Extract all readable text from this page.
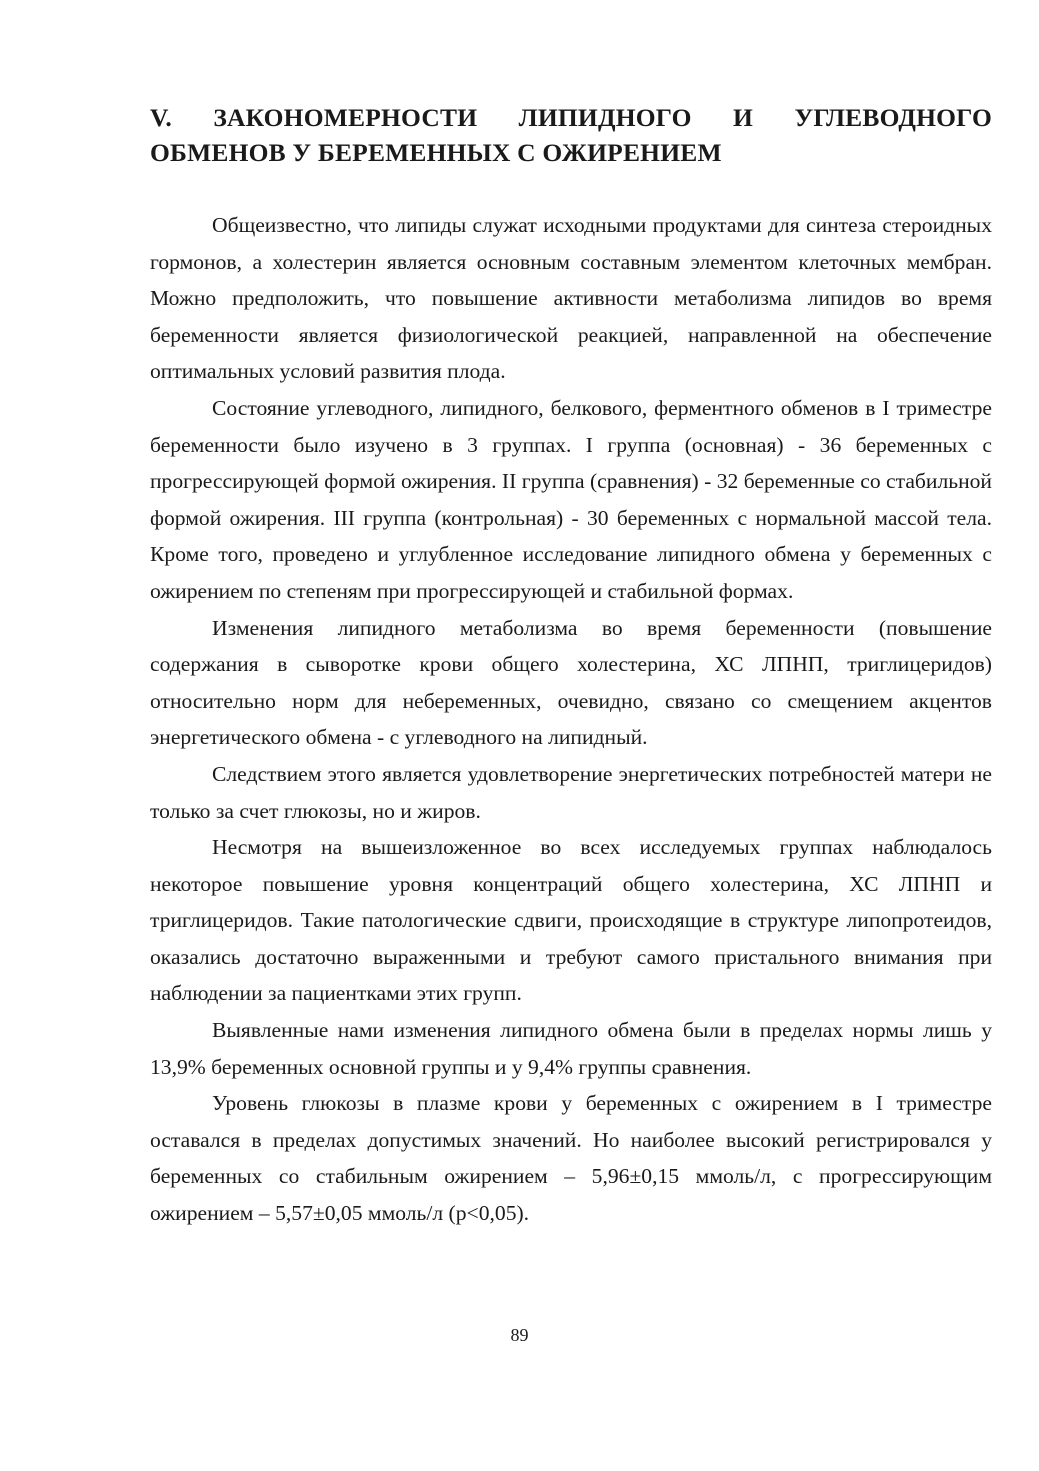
V. ЗАКОНОМЕРНОСТИ ЛИПИДНОГО И УГЛЕВОДНОГО ОБМЕНОВ У БЕРЕМЕННЫХ С ОЖИРЕНИЕМ

Общеизвестно, что липиды служат исходными продуктами для синтеза стероидных гормонов, а холестерин является основным составным элементом клеточных мембран. Можно предположить, что повышение активности метаболизма липидов во время беременности является физиологической реакцией, направленной на обеспечение оптимальных условий развития плода.

Состояние углеводного, липидного, белкового, ферментного обменов в I триместре беременности было изучено в 3 группах. I группа (основная) - 36 беременных с прогрессирующей формой ожирения. II группа (сравнения) - 32 беременные со стабильной формой ожирения. III группа (контрольная) - 30 беременных с нормальной массой тела. Кроме того, проведено и углубленное исследование липидного обмена у беременных с ожирением по степеням при прогрессирующей и стабильной формах.

Изменения липидного метаболизма во время беременности (повышение содержания в сыворотке крови общего холестерина, ХС ЛПНП, триглицеридов) относительно норм для небеременных, очевидно, связано со смещением акцентов энергетического обмена - с углеводного на липидный.

Следствием этого является удовлетворение энергетических потребностей матери не только за счет глюкозы, но и жиров.

Несмотря на вышеизложенное во всех исследуемых группах наблюдалось некоторое повышение уровня концентраций общего холестерина, ХС ЛПНП и триглицеридов. Такие патологические сдвиги, происходящие в структуре липопротеидов, оказались достаточно выраженными и требуют самого пристального внимания при наблюдении за пациентками этих групп.

Выявленные нами изменения липидного обмена были в пределах нормы лишь у 13,9% беременных основной группы и у 9,4% группы сравнения.

Уровень глюкозы в плазме крови у беременных с ожирением в I триместре оставался в пределах допустимых значений. Но наиболее высокий регистрировался у беременных со стабильным ожирением – 5,96±0,15 ммоль/л, с прогрессирующим ожирением – 5,57±0,05 ммоль/л (p<0,05).

89
